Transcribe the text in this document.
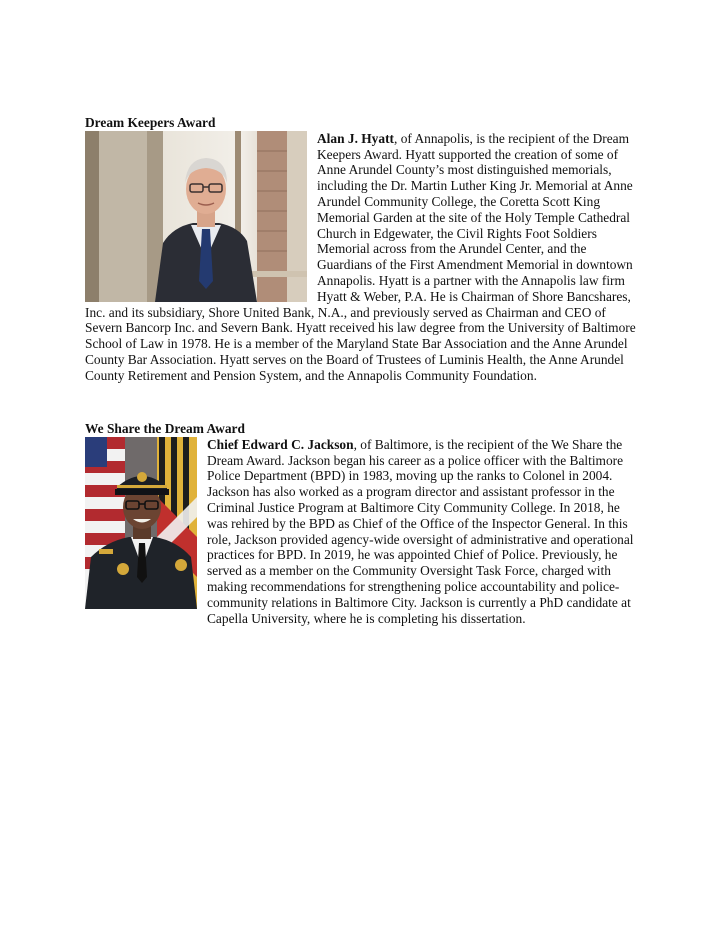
Dream Keepers Award

Alan J. Hyatt, of Annapolis, is the recipient of the Dream Keepers Award. Hyatt supported the creation of some of Anne Arundel County’s most distinguished memorials, including the Dr. Martin Luther King Jr. Memorial at Anne Arundel Community College, the Coretta Scott King Memorial Garden at the site of the Holy Temple Cathedral Church in Edgewater, the Civil Rights Foot Soldiers Memorial across from the Arundel Center, and the Guardians of the First Amendment Memorial in downtown Annapolis. Hyatt is a partner with the Annapolis law firm Hyatt & Weber, P.A. He is Chairman of Shore Bancshares, Inc. and its subsidiary, Shore United Bank, N.A., and previously served as Chairman and CEO of Severn Bancorp Inc. and Severn Bank. Hyatt received his law degree from the University of Baltimore School of Law in 1978. He is a member of the Maryland State Bar Association and the Anne Arundel County Bar Association. Hyatt serves on the Board of Trustees of Luminis Health, the Anne Arundel County Retirement and Pension System, and the Annapolis Community Foundation.

We Share the Dream Award

Chief Edward C. Jackson, of Baltimore, is the recipient of the We Share the Dream Award. Jackson began his career as a police officer with the Baltimore Police Department (BPD) in 1983, moving up the ranks to Colonel in 2004. Jackson has also worked as a program director and assistant professor in the Criminal Justice Program at Baltimore City Community College. In 2018, he was rehired by the BPD as Chief of the Office of the Inspector General. In this role, Jackson provided agency-wide oversight of administrative and operational practices for BPD. In 2019, he was appointed Chief of Police. Previously, he served as a member on the Community Oversight Task Force, charged with making recommendations for strengthening police accountability and police-community relations in Baltimore City. Jackson is currently a PhD candidate at Capella University, where he is completing his dissertation.
